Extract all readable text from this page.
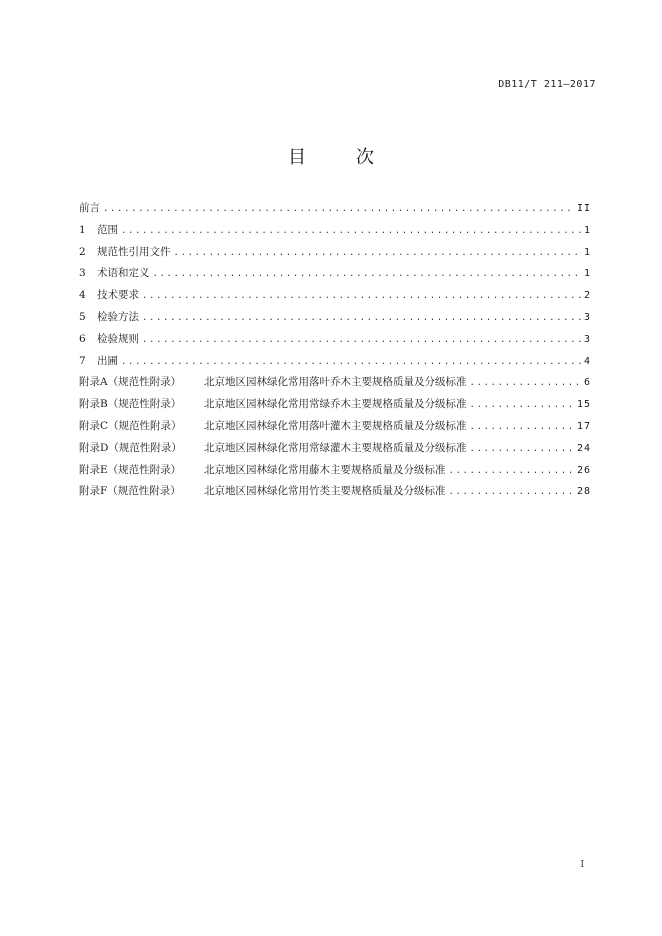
DB11/T 211—2017
目　次
前言 .....	II
1	范围 .....	1
2	规范性引用文件 .....	1
3	术语和定义 .....	1
4	技术要求 .....	2
5	检验方法 .....	3
6	检验规则 .....	3
7	出圃 .....	4
附录A（规范性附录）	北京地区园林绿化常用落叶乔木主要规格质量及分级标准 .....	6
附录B（规范性附录）	北京地区园林绿化常用常绿乔木主要规格质量及分级标准 .....	15
附录C（规范性附录）	北京地区园林绿化常用落叶灌木主要规格质量及分级标准 .....	17
附录D（规范性附录）	北京地区园林绿化常用常绿灌木主要规格质量及分级标准 .....	24
附录E（规范性附录）	北京地区园林绿化常用藤木主要规格质量及分级标准 .....	26
附录F（规范性附录）	北京地区园林绿化常用竹类主要规格质量及分级标准 .....	28
I
